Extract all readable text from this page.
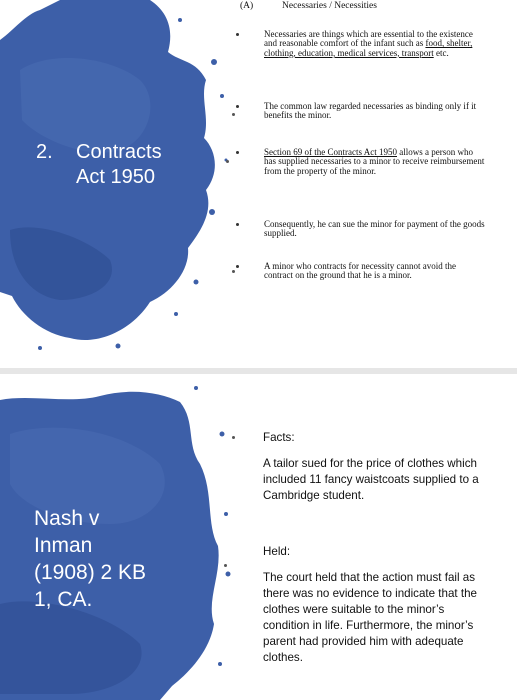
2. Contracts
Act 1950
(A)	Necessaries / Necessities
Necessaries are things which are essential to the existence and reasonable comfort of the infant such as food, shelter, clothing, education, medical services, transport etc.
The common law regarded necessaries as binding only if it benefits the minor.
Section 69 of the Contracts Act 1950 allows a person who has supplied necessaries to a minor to receive reimbursement from the property of the minor.
Consequently, he can sue the minor for payment of the goods supplied.
A minor who contracts for necessity cannot avoid the contract on the ground that he is a minor.
Nash v
Inman
(1908) 2 KB
1, CA.

Facts:

A tailor sued for the price of clothes which included 11 fancy waistcoats supplied to a Cambridge student.

Held:

The court held that the action must fail as there was no evidence to indicate that the clothes were suitable to the minor’s condition in life. Furthermore, the minor’s parent had provided him with adequate clothes.
